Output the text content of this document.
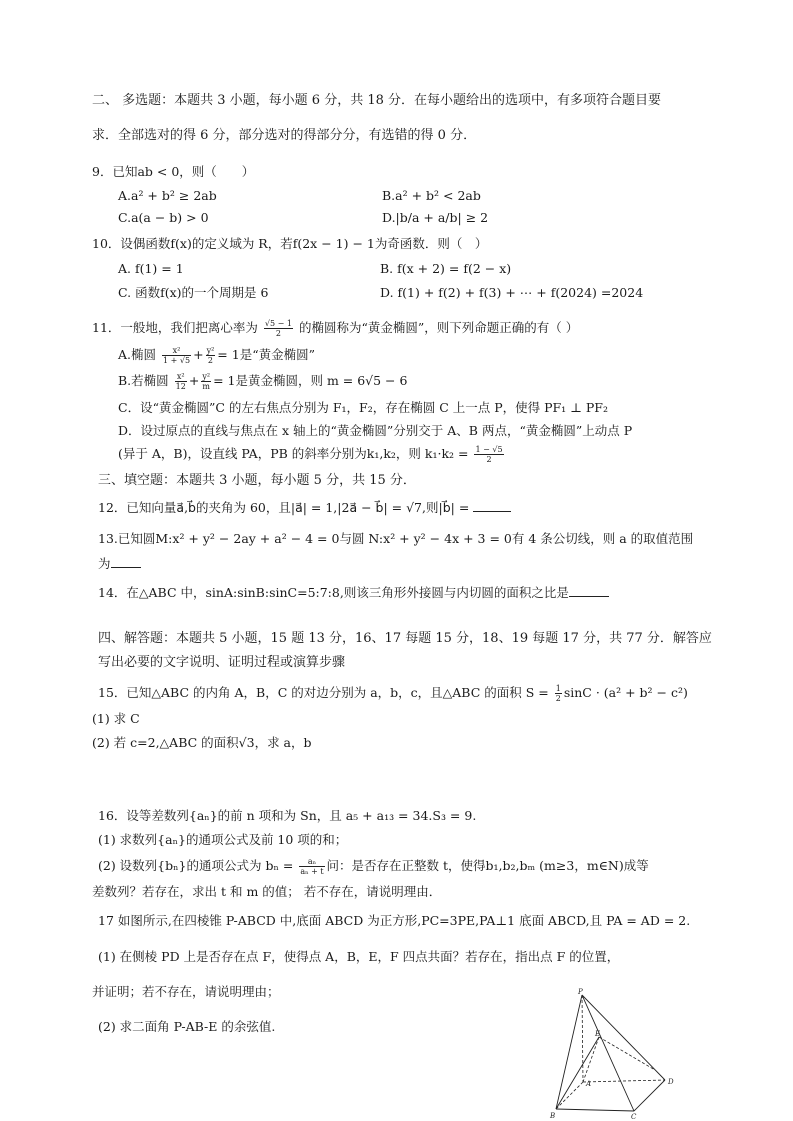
二、 多选题：本题共 3 小题，每小题 6 分，共 18 分．在每小题给出的选项中，有多项符合题目要
求．全部选对的得 6 分，部分选对的得部分分，有选错的得 0 分．
9．已知ab < 0，则（　　）
A.a² + b² ≥ 2ab	B.a² + b² < 2ab
C.a(a − b) > 0	D.|b/a + a/b| ≥ 2
10．设偶函数f(x)的定义域为 R，若f(2x − 1) − 1为奇函数．则（　）
A. f(1) = 1	B. f(x + 2) = f(2 − x)
C. 函数f(x)的一个周期是 6	D. f(1) + f(2) + f(3) + ⋯ + f(2024) =2024
11．一般地，我们把离心率为 $\frac{√5 - 1}{2}$ 的椭圆称为“黄金椭圆”，则下列命题正确的有（ ）
A.椭圆 $\frac{\text{x²}}{1 + √5} + \frac{\text{y²}}{2} = 1$是“黄金椭圆”
B.若椭圆 $\frac{\text{x²}}{12} + \frac{\text{y²}}{m} = 1$是黄金椭圆，则 m = 6√5 − 6
C．设“黄金椭圆”C 的左右焦点分别为 F₁，F₂，存在椭圆 C 上一点 P，使得 PF₁ ⊥ PF₂
D．设过原点的直线与焦点在 x 轴上的“黄金椭圆”分别交于 A、B 两点，“黄金椭圆”上动点 P
(异于 A，B)，设直线 PA，PB 的斜率分别为k₁,k₂，则 $k_1\cdot k_2 = \frac{1 - √5}{2}$
三、填空题：本题共 3 小题，每小题 5 分，共 15 分．
12．已知向量a⃗,b⃗的夹角为 60，且|a⃗| = 1,|2a⃗ − b⃗| = √7,则|b⃗| =
13.已知圆M:x² + y² − 2ay + a² − 4 = 0与圆 N:x² + y² − 4x + 3 = 0有 4 条公切线，则 a 的取值范围
为
14．在△ABC 中，sinA:sinB:sinC=5:7:8,则该三角形外接圆与内切圆的面积之比是
四、解答题：本题共 5 小题，15 题 13 分，16、17 每题 15 分，18、19 每题 17 分，共 77 分．解答应
写出必要的文字说明、证明过程或演算步骤
15．已知△ABC 的内角 A，B，C 的对边分别为 a，b，c，且△ABC 的面积 $S = \frac{1}{2}$ sinC · (a² + b² − c²)
(1) 求 C
(2) 若 c=2,△ABC 的面积√3，求 a，b
16．设等差数列{aₙ}的前 n 项和为 Sn，且 a₅ + a₁₃ = 34.S₃ = 9.
(1) 求数列{aₙ}的通项公式及前 10 项的和；
(2) 设数列{bₙ}的通项公式为 $b_n = \frac{\text{aₙ}}{\text{aₙ + t}}$ 问：是否存在正整数 t，使得b₁,b₂,bₘ (m≥3，m∈N)成等
差数列？若存在，求出 t 和 m 的值； 若不存在，请说明理由．
17 如图所示,在四棱锥 P-ABCD 中,底面 ABCD 为正方形,PC=3PE,PA⊥1 底面 ABCD,且 PA = AD = 2.
(1) 在侧棱 PD 上是否存在点 F，使得点 A，B，E，F 四点共面？若存在，指出点 F 的位置，
并证明；若不存在，请说明理由；
(2) 求二面角 P-AB-E 的余弦值.
P
E
A	D
B	C
